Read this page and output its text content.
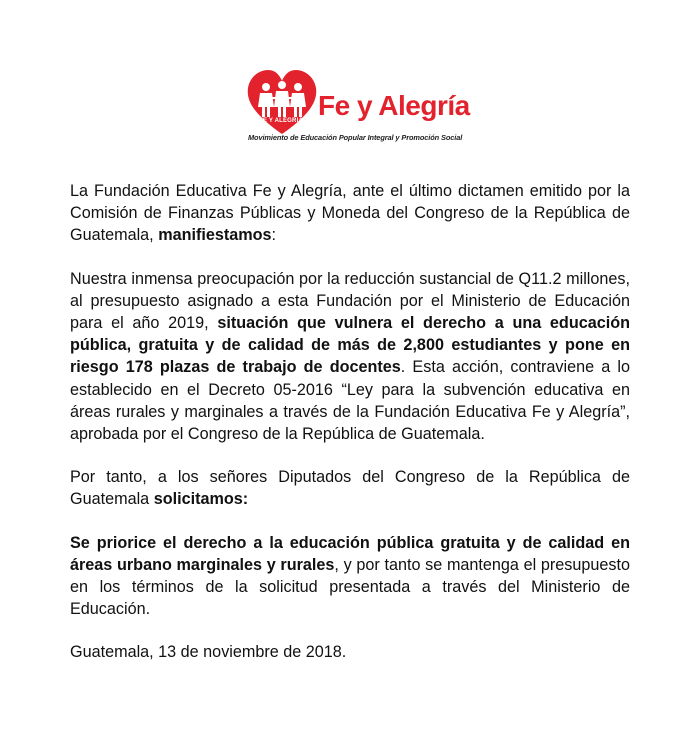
FE Y ALEGRIA Fe y Alegría
Movimiento de Educación Popular Integral y Promoción Social

La Fundación Educativa Fe y Alegría, ante el último dictamen emitido por la Comisión de Finanzas Públicas y Moneda del Congreso de la República de Guatemala, manifiestamos:

Nuestra inmensa preocupación por la reducción sustancial de Q11.2 millones, al presupuesto asignado a esta Fundación por el Ministerio de Educación para el año 2019, situación que vulnera el derecho a una educación pública, gratuita y de calidad de más de 2,800 estudiantes y pone en riesgo 178 plazas de trabajo de docentes. Esta acción, contraviene a lo establecido en el Decreto 05-2016 “Ley para la subvención educativa en áreas rurales y marginales a través de la Fundación Educativa Fe y Alegría”, aprobada por el Congreso de la República de Guatemala.

Por tanto, a los señores Diputados del Congreso de la República de Guatemala solicitamos:

Se priorice el derecho a la educación pública gratuita y de calidad en áreas urbano marginales y rurales, y por tanto se mantenga el presupuesto en los términos de la solicitud presentada a través del Ministerio de Educación.

Guatemala, 13 de noviembre de 2018.
